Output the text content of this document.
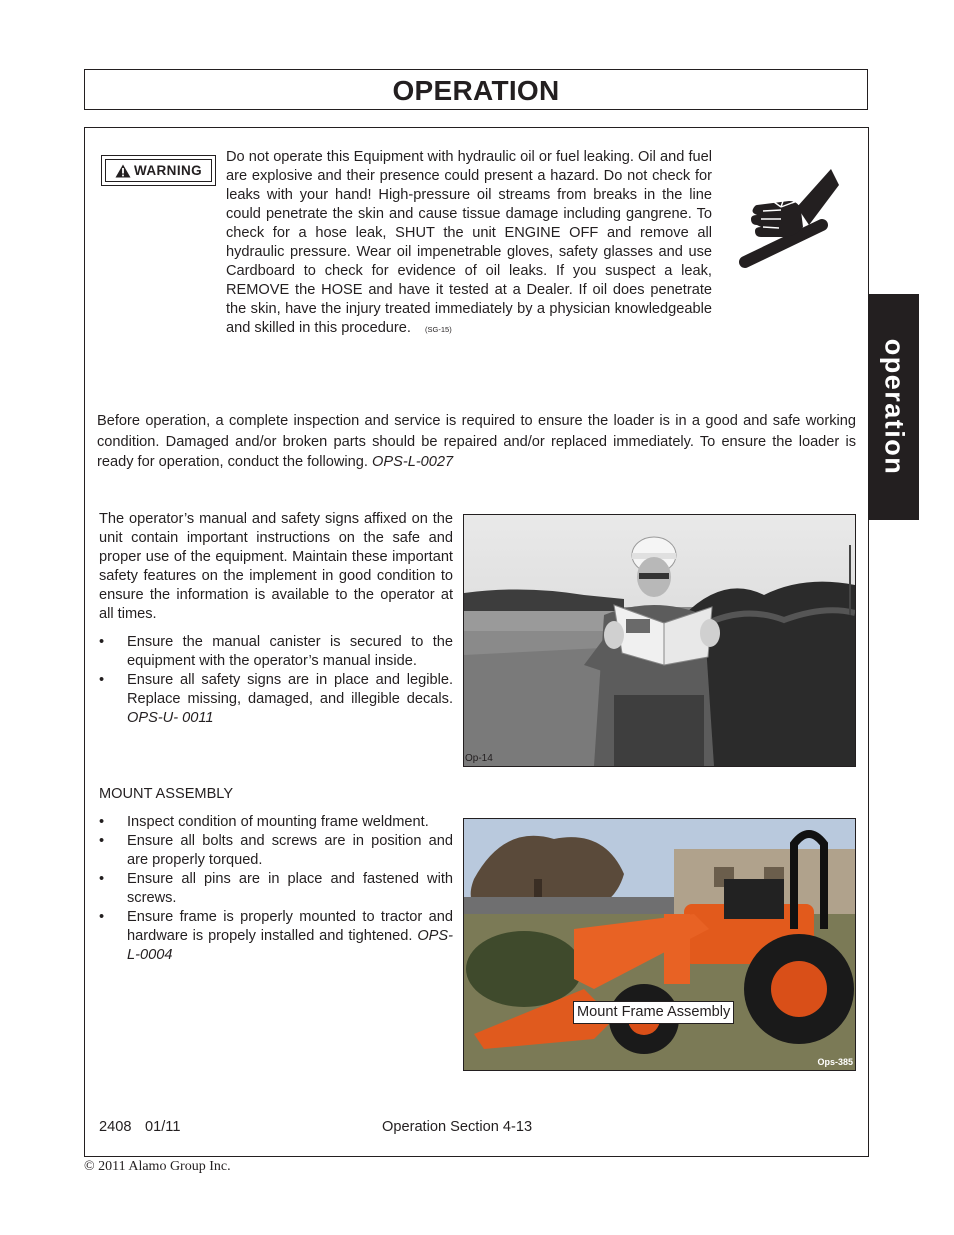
OPERATION
operation
WARNING

Do not operate this Equipment with hydraulic oil or fuel leaking. Oil and fuel are explosive and their presence could present a hazard. Do not check for leaks with your hand! High-pressure oil streams from breaks in the line could penetrate the skin and cause tissue damage including gangrene. To check for a hose leak, SHUT the unit ENGINE OFF and remove all hydraulic pressure. Wear oil impenetrable gloves, safety glasses and use Cardboard to check for evidence of oil leaks. If you suspect a leak, REMOVE the HOSE and have it tested at a Dealer. If oil does penetrate the skin, have the injury treated immediately by a physician knowledgeable and skilled in this procedure. (SG-15)

Before operation, a complete inspection and service is required to ensure the loader is in a good and safe working condition. Damaged and/or broken parts should be repaired and/or replaced immediately. To ensure the loader is ready for operation, conduct the following. OPS-L-0027

The operator’s manual and safety signs affixed on the unit contain important instructions on the safe and proper use of the equipment. Maintain these important safety features on the implement in good condition to ensure the information is available to the operator at all times.

• Ensure the manual canister is secured to the equipment with the operator’s manual inside.
• Ensure all safety signs are in place and legible. Replace missing, damaged, and illegible decals. OPS-U- 0011
Op-14

MOUNT ASSEMBLY

• Inspect condition of mounting frame weldment.
• Ensure all bolts and screws are in position and are properly torqued.
• Ensure all pins are in place and fastened with screws.
• Ensure frame is properly mounted to tractor and hardware is propely installed and tightened. OPS-L-0004
Mount Frame Assembly
Ops-385
2408 01/11	Operation Section 4-13
© 2011 Alamo Group Inc.
